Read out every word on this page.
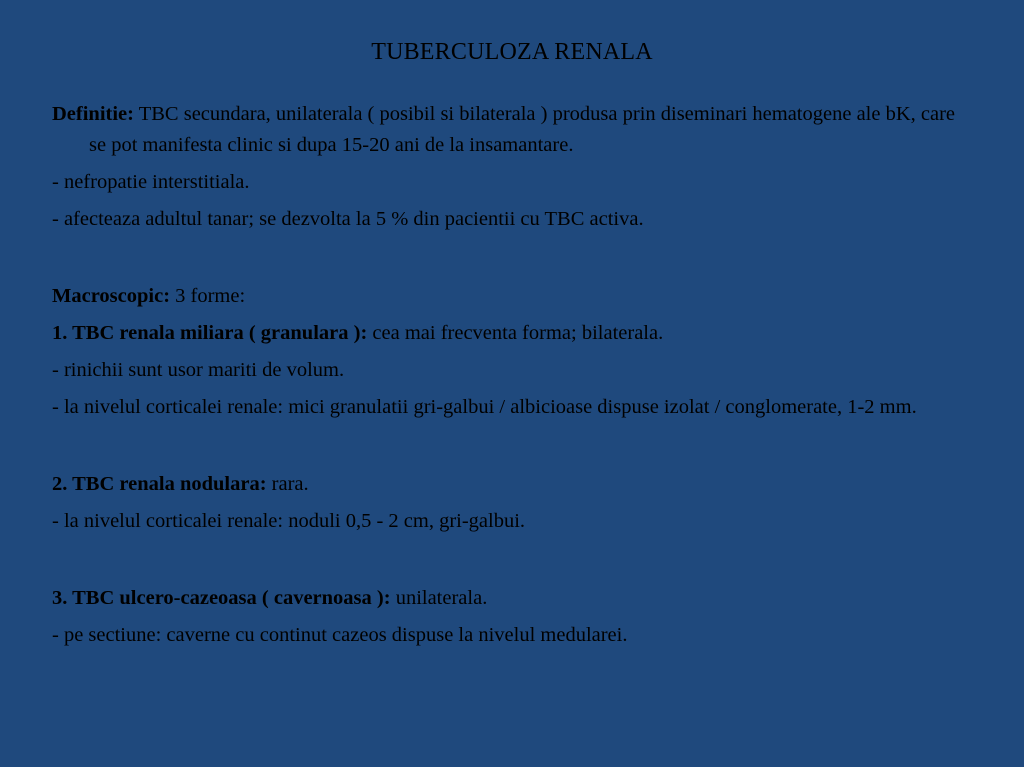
TUBERCULOZA RENALA

Definitie: TBC secundara, unilaterala ( posibil si bilaterala ) produsa prin diseminari hematogene ale bK, care se pot manifesta clinic si dupa 15-20 ani de la insamantare.

- nefropatie interstitiala.

- afecteaza adultul tanar; se dezvolta la 5 % din pacientii cu TBC activa.

Macroscopic: 3 forme:

1. TBC renala miliara ( granulara ): cea mai frecventa forma; bilaterala.

- rinichii sunt usor mariti de volum.

- la nivelul corticalei renale: mici granulatii gri-galbui / albicioase dispuse izolat / conglomerate, 1-2 mm.

2. TBC renala nodulara: rara.

- la nivelul corticalei renale: noduli 0,5 - 2 cm, gri-galbui.

3. TBC ulcero-cazeoasa ( cavernoasa ): unilaterala.

- pe sectiune: caverne cu continut cazeos dispuse la nivelul medularei.
